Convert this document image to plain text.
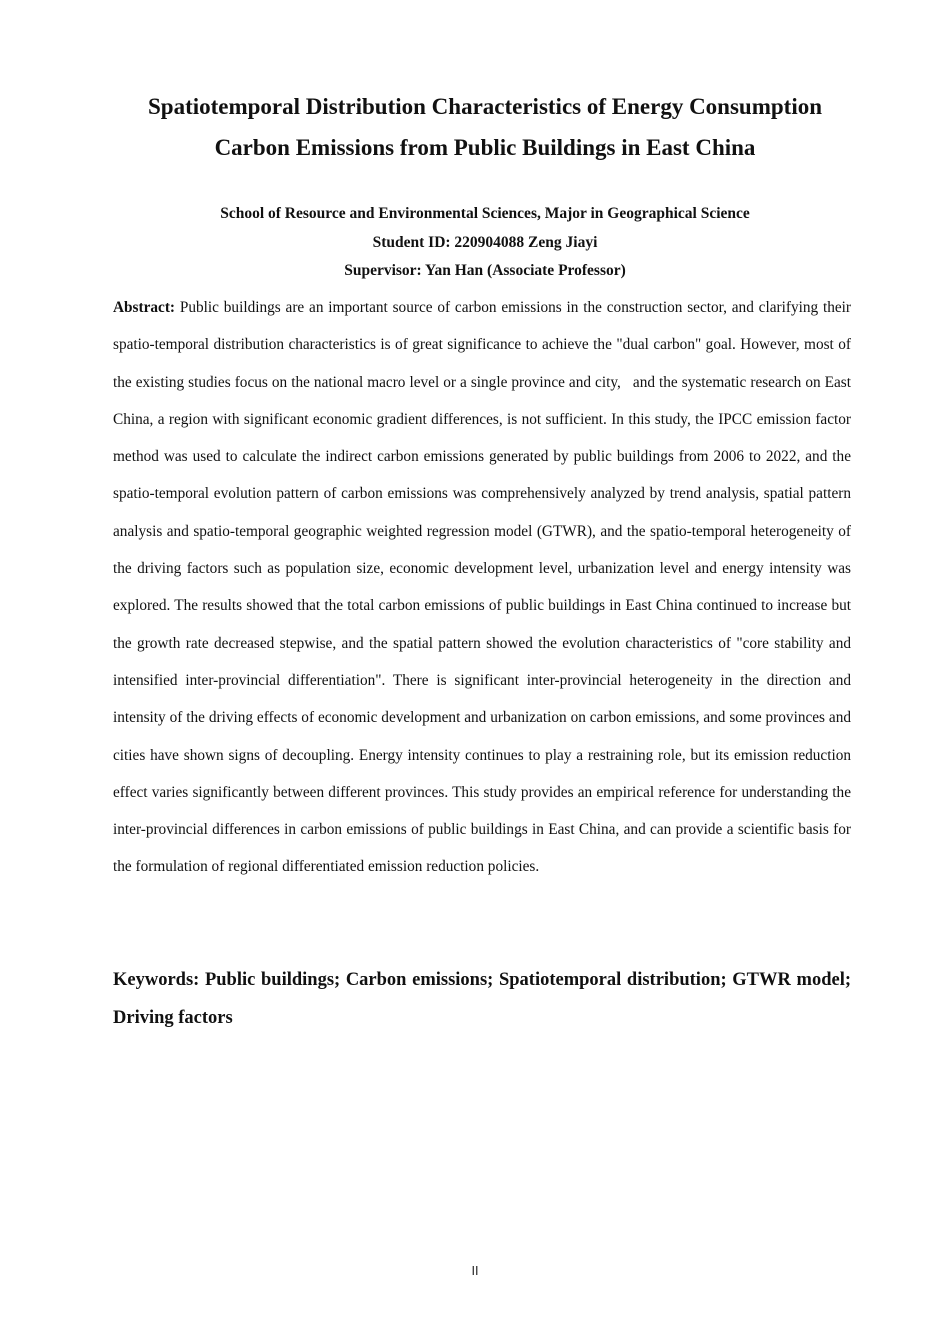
Spatiotemporal Distribution Characteristics of Energy Consumption
Carbon Emissions from Public Buildings in East China
School of Resource and Environmental Sciences, Major in Geographical Science
Student ID: 220904088 Zeng Jiayi
Supervisor: Yan Han (Associate Professor)

Abstract: Public buildings are an important source of carbon emissions in the construction sector, and clarifying their spatio-temporal distribution characteristics is of great significance to achieve the "dual carbon" goal. However, most of the existing studies focus on the national macro level or a single province and city,   and the systematic research on East China, a region with significant economic gradient differences, is not sufficient. In this study, the IPCC emission factor method was used to calculate the indirect carbon emissions generated by public buildings from 2006 to 2022, and the spatio-temporal evolution pattern of carbon emissions was comprehensively analyzed by trend analysis, spatial pattern analysis and spatio-temporal geographic weighted regression model (GTWR), and the spatio-temporal heterogeneity of the driving factors such as population size, economic development level, urbanization level and energy intensity was explored. The results showed that the total carbon emissions of public buildings in East China continued to increase but the growth rate decreased stepwise, and the spatial pattern showed the evolution characteristics of "core stability and intensified inter-provincial differentiation". There is significant inter-provincial heterogeneity in the direction and intensity of the driving effects of economic development and urbanization on carbon emissions, and some provinces and cities have shown signs of decoupling. Energy intensity continues to play a restraining role, but its emission reduction effect varies significantly between different provinces. This study provides an empirical reference for understanding the inter-provincial differences in carbon emissions of public buildings in East China, and can provide a scientific basis for the formulation of regional differentiated emission reduction policies.

Keywords: Public buildings; Carbon emissions; Spatiotemporal distribution; GTWR model; Driving factors

II
